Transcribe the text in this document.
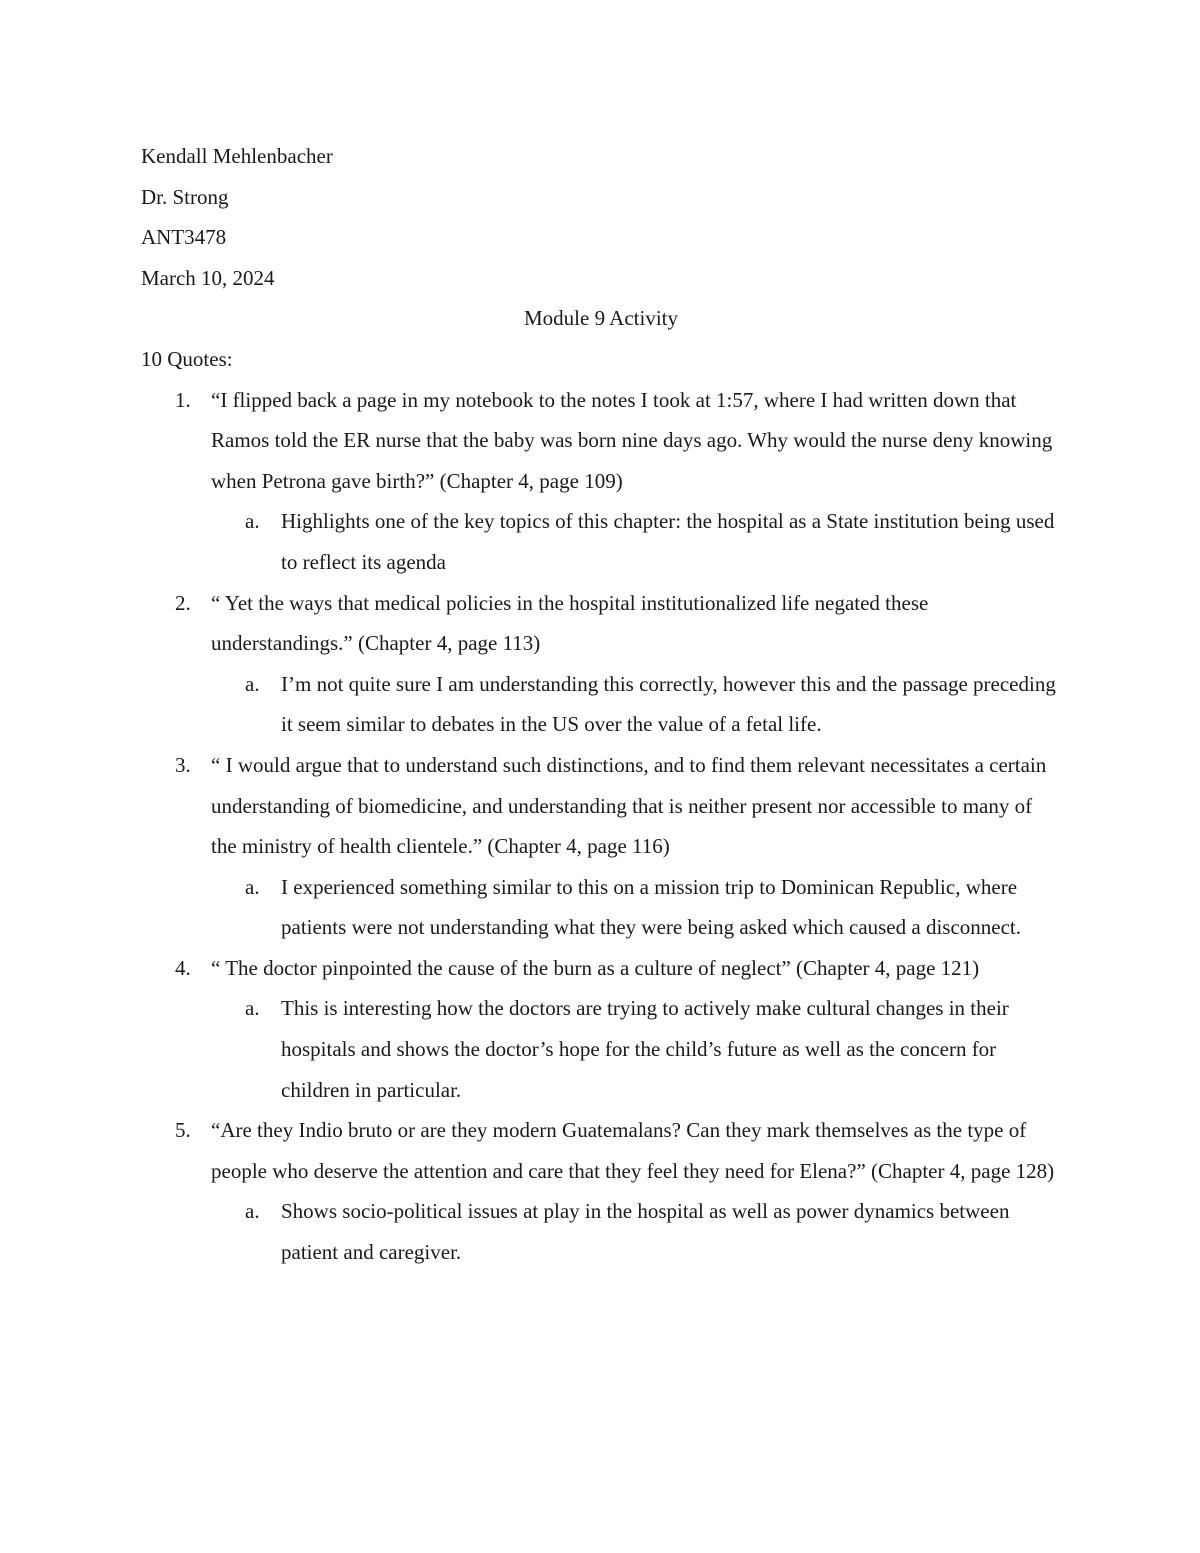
Kendall Mehlenbacher

Dr. Strong

ANT3478

March 10, 2024

Module 9 Activity

10 Quotes:

1. “I flipped back a page in my notebook to the notes I took at 1:57, where I had written down that Ramos told the ER nurse that the baby was born nine days ago. Why would the nurse deny knowing when Petrona gave birth?” (Chapter 4, page 109)
a. Highlights one of the key topics of this chapter: the hospital as a State institution being used to reflect its agenda
2. “ Yet the ways that medical policies in the hospital institutionalized life negated these understandings.” (Chapter 4, page 113)
a. I’m not quite sure I am understanding this correctly, however this and the passage preceding it seem similar to debates in the US over the value of a fetal life.
3. “ I would argue that to understand such distinctions, and to find them relevant necessitates a certain understanding of biomedicine, and understanding that is neither present nor accessible to many of the ministry of health clientele.” (Chapter 4, page 116)
a. I experienced something similar to this on a mission trip to Dominican Republic, where patients were not understanding what they were being asked which caused a disconnect.
4. “ The doctor pinpointed the cause of the burn as a culture of neglect” (Chapter 4, page 121)
a. This is interesting how the doctors are trying to actively make cultural changes in their hospitals and shows the doctor’s hope for the child’s future as well as the concern for children in particular.
5. “Are they Indio bruto or are they modern Guatemalans? Can they mark themselves as the type of people who deserve the attention and care that they feel they need for Elena?” (Chapter 4, page 128)
a. Shows socio-political issues at play in the hospital as well as power dynamics between patient and caregiver.
